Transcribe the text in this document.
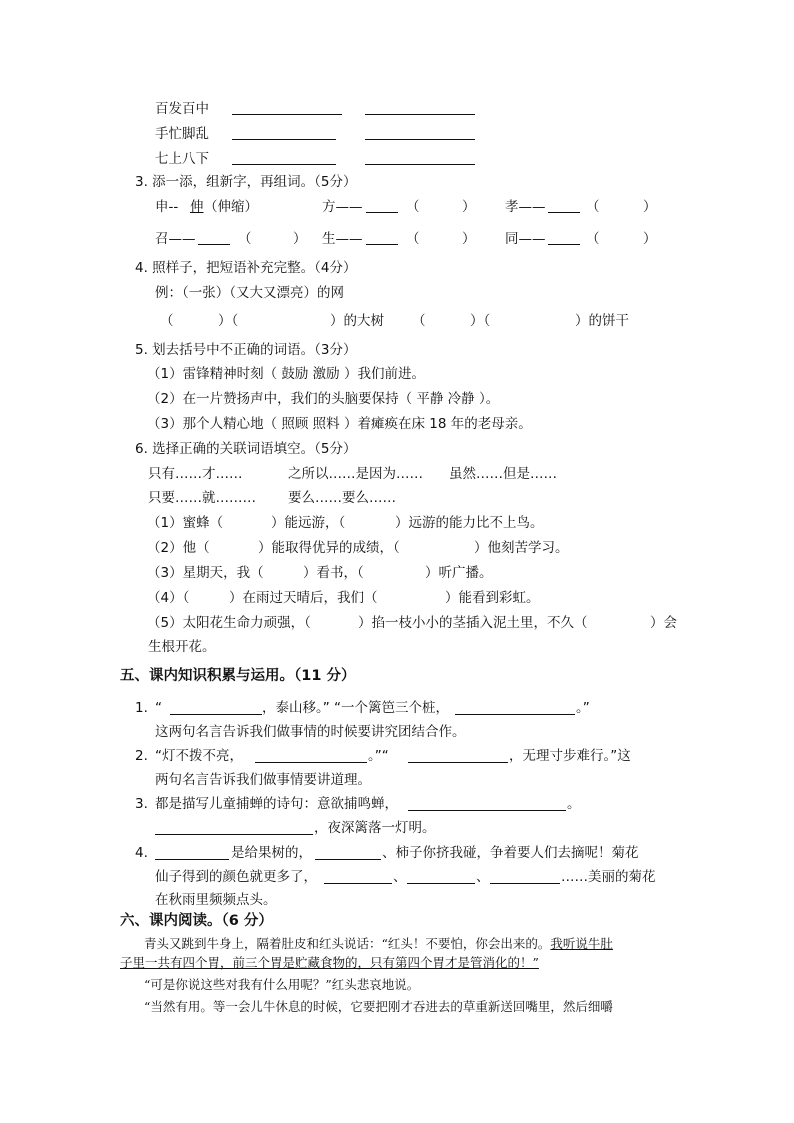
百发百中
手忙脚乱
七上八下
3. 添一添，组新字，再组词。（5分）
申-- 伸 （伸缩）	方——	（	） 孝——	（	）
召——	（	） 生——	（	） 同——	（	）
4. 照样子，把短语补充完整。（4分）
例：（一张）（又大又漂亮）的网
（	）（	）的大树 （	）（	）的饼干
5. 划去括号中不正确的词语。（3分）
（1）雷锋精神时刻（ 鼓励 激励 ）我们前进。
（2）在一片赞扬声中，我们的头脑要保持（ 平静 冷静 ）。
（3）那个人精心地（ 照顾 照料 ）着瘫痪在床 18 年的老母亲。
6. 选择正确的关联词语填空。（5分）
只有……才……	之所以……是因为…… 虽然……但是……
只要……就……… 要么……要么……
（1）蜜蜂（	）能远游，（	）远游的能力比不上鸟。
（2）他（	）能取得优异的成绩，（	）他刻苦学习。
（3）星期天，我（	）看书，（	）听广播。
（4）（	）在雨过天晴后，我们（	）能看到彩虹。
（5）太阳花生命力顽强，（	）掐一枝小小的茎插入泥土里，不久（	）会
生根开花。
五、课内知识积累与运用。（11 分）
1. “	，泰山移。” “一个篱笆三个桩，	。”
这两句名言告诉我们做事情的时候要讲究团结合作。
2. “灯不拨不亮，	。”“	，无理寸步难行。”这
两句名言告诉我们做事情要讲道理。
3. 都是描写儿童捕蝉的诗句：意欲捕鸣蝉，	。
，夜深篱落一灯明。
4.	是给果树的，	、柿子你挤我碰，争着要人们去摘呢！菊花
仙子得到的颜色就更多了，	、	、	……美丽的菊花
在秋雨里频频点头。
六、课内阅读。（6 分）
青头又跳到牛身上，隔着肚皮和红头说话：“红头！不要怕，你会出来的。我听说牛肚
子里一共有四个胃，前三个胃是贮藏食物的，只有第四个胃才是管消化的！”
“可是你说这些对我有什么用呢？”红头悲哀地说。
“当然有用。等一会儿牛休息的时候，它要把刚才吞进去的草重新送回嘴里，然后细嚼
